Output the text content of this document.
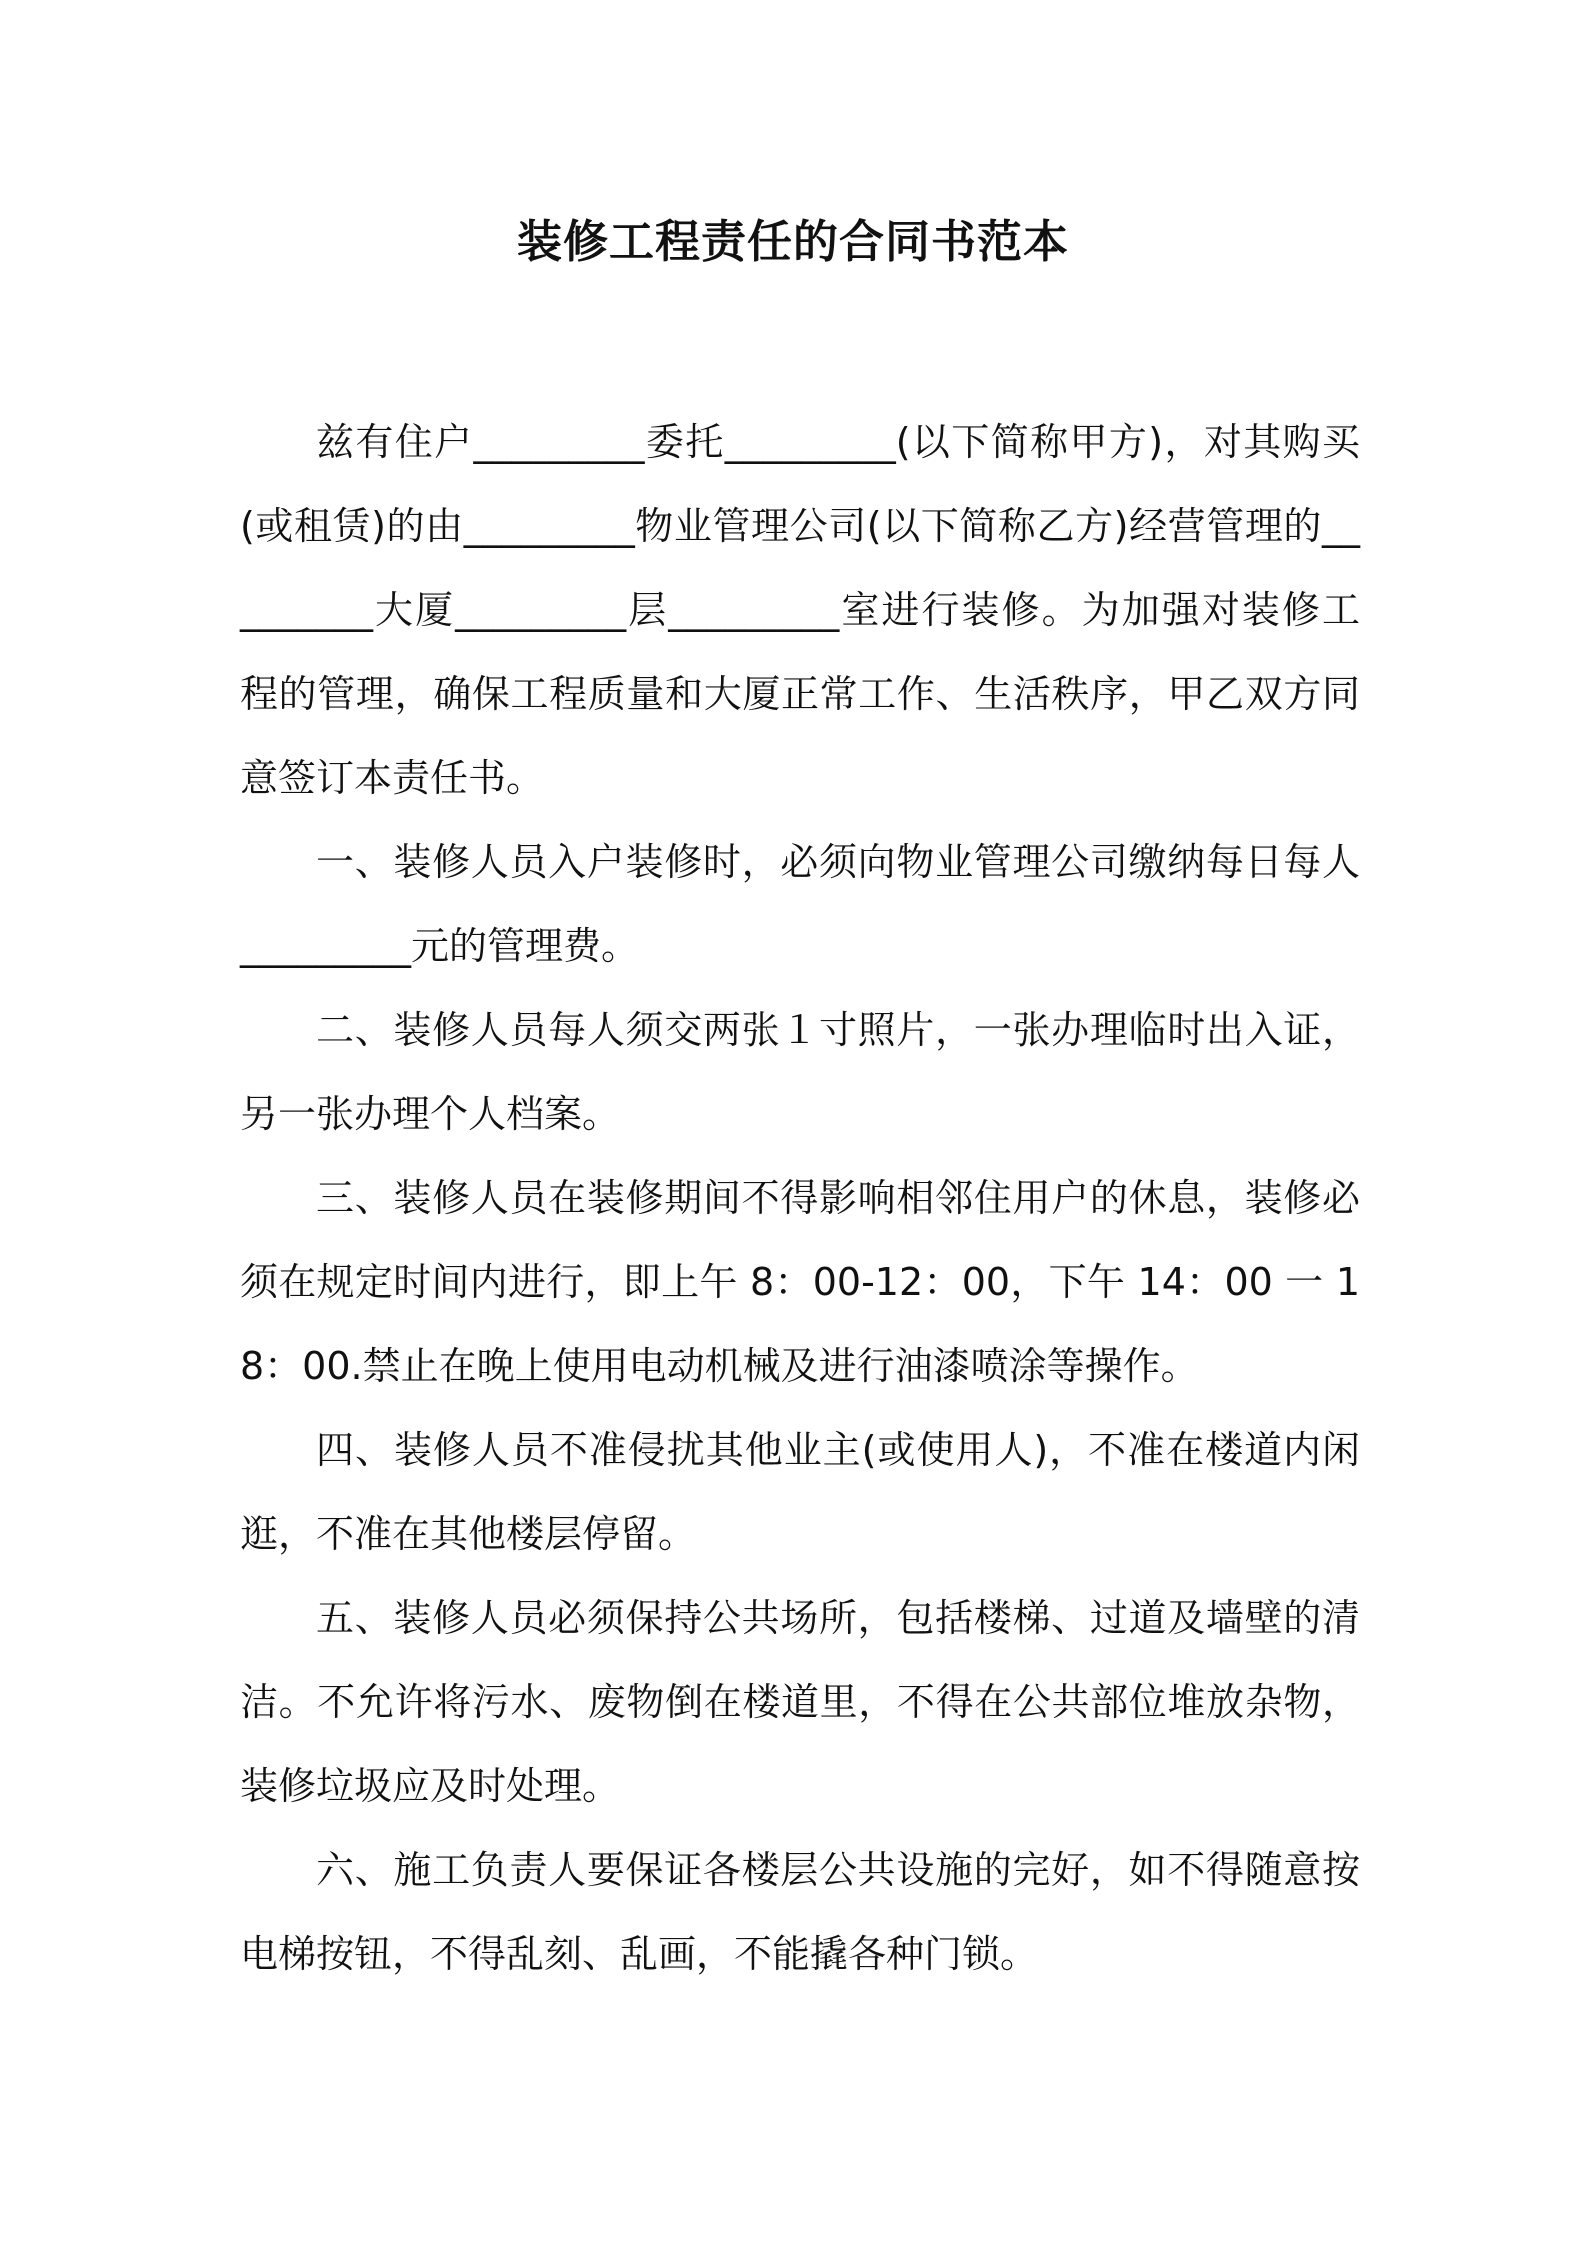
装修工程责任的合同书范本

兹有住户_________委托_________(以下简称甲方)，对其购买(或租赁)的由_________物业管理公司(以下简称乙方)经营管理的_________大厦_________层_________室进行装修。为加强对装修工程的管理，确保工程质量和大厦正常工作、生活秩序，甲乙双方同意签订本责任书。

一、装修人员入户装修时，必须向物业管理公司缴纳每日每人_________元的管理费。

二、装修人员每人须交两张１寸照片，一张办理临时出入证，另一张办理个人档案。

三、装修人员在装修期间不得影响相邻住用户的休息，装修必须在规定时间内进行，即上午 8：00-12：00，下午 14：00 一 18：00.禁止在晚上使用电动机械及进行油漆喷涂等操作。

四、装修人员不准侵扰其他业主(或使用人)，不准在楼道内闲逛，不准在其他楼层停留。

五、装修人员必须保持公共场所，包括楼梯、过道及墙壁的清洁。不允许将污水、废物倒在楼道里，不得在公共部位堆放杂物，装修垃圾应及时处理。

六、施工负责人要保证各楼层公共设施的完好，如不得随意按电梯按钮，不得乱刻、乱画，不能撬各种门锁。
